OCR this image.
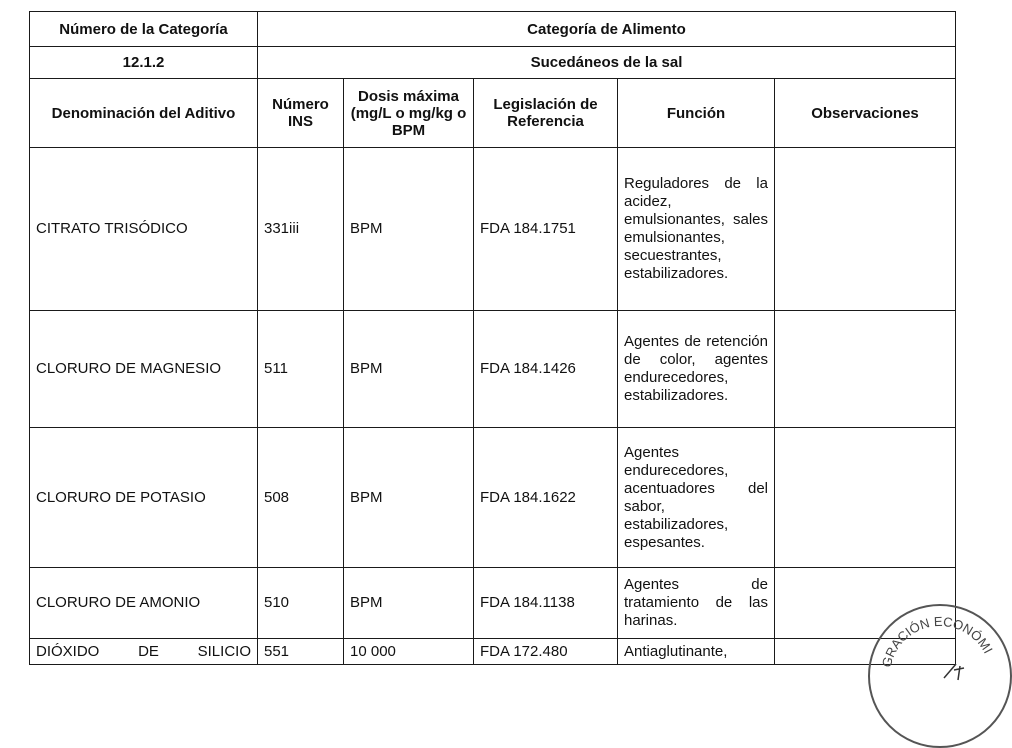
Número de la Categoría	Categoría de Alimento				
12.1.2	Sucedáneos de la sal				
Denominación del Aditivo	Número INS	Dosis máxima (mg/L o mg/kg o BPM	Legislación de Referencia	Función	Observaciones
CITRATO TRISÓDICO	331iii	BPM	FDA 184.1751	Reguladores de la acidez, emulsionantes, sales emulsionantes, secuestrantes, estabilizadores.	
CLORURO DE MAGNESIO	511	BPM	FDA 184.1426	Agentes de retención de color, agentes endurecedores, estabilizadores.	
CLORURO DE POTASIO	508	BPM	FDA 184.1622	Agentes endurecedores, acentuadores del sabor, estabilizadores, espesantes.	
CLORURO DE AMONIO	510	BPM	FDA 184.1138	Agentes de tratamiento de las harinas.	
DIÓXIDO DE SILICIO	551	10 000	FDA 172.480	Antiaglutinante,	
GRACIÓN ECONÓMI
